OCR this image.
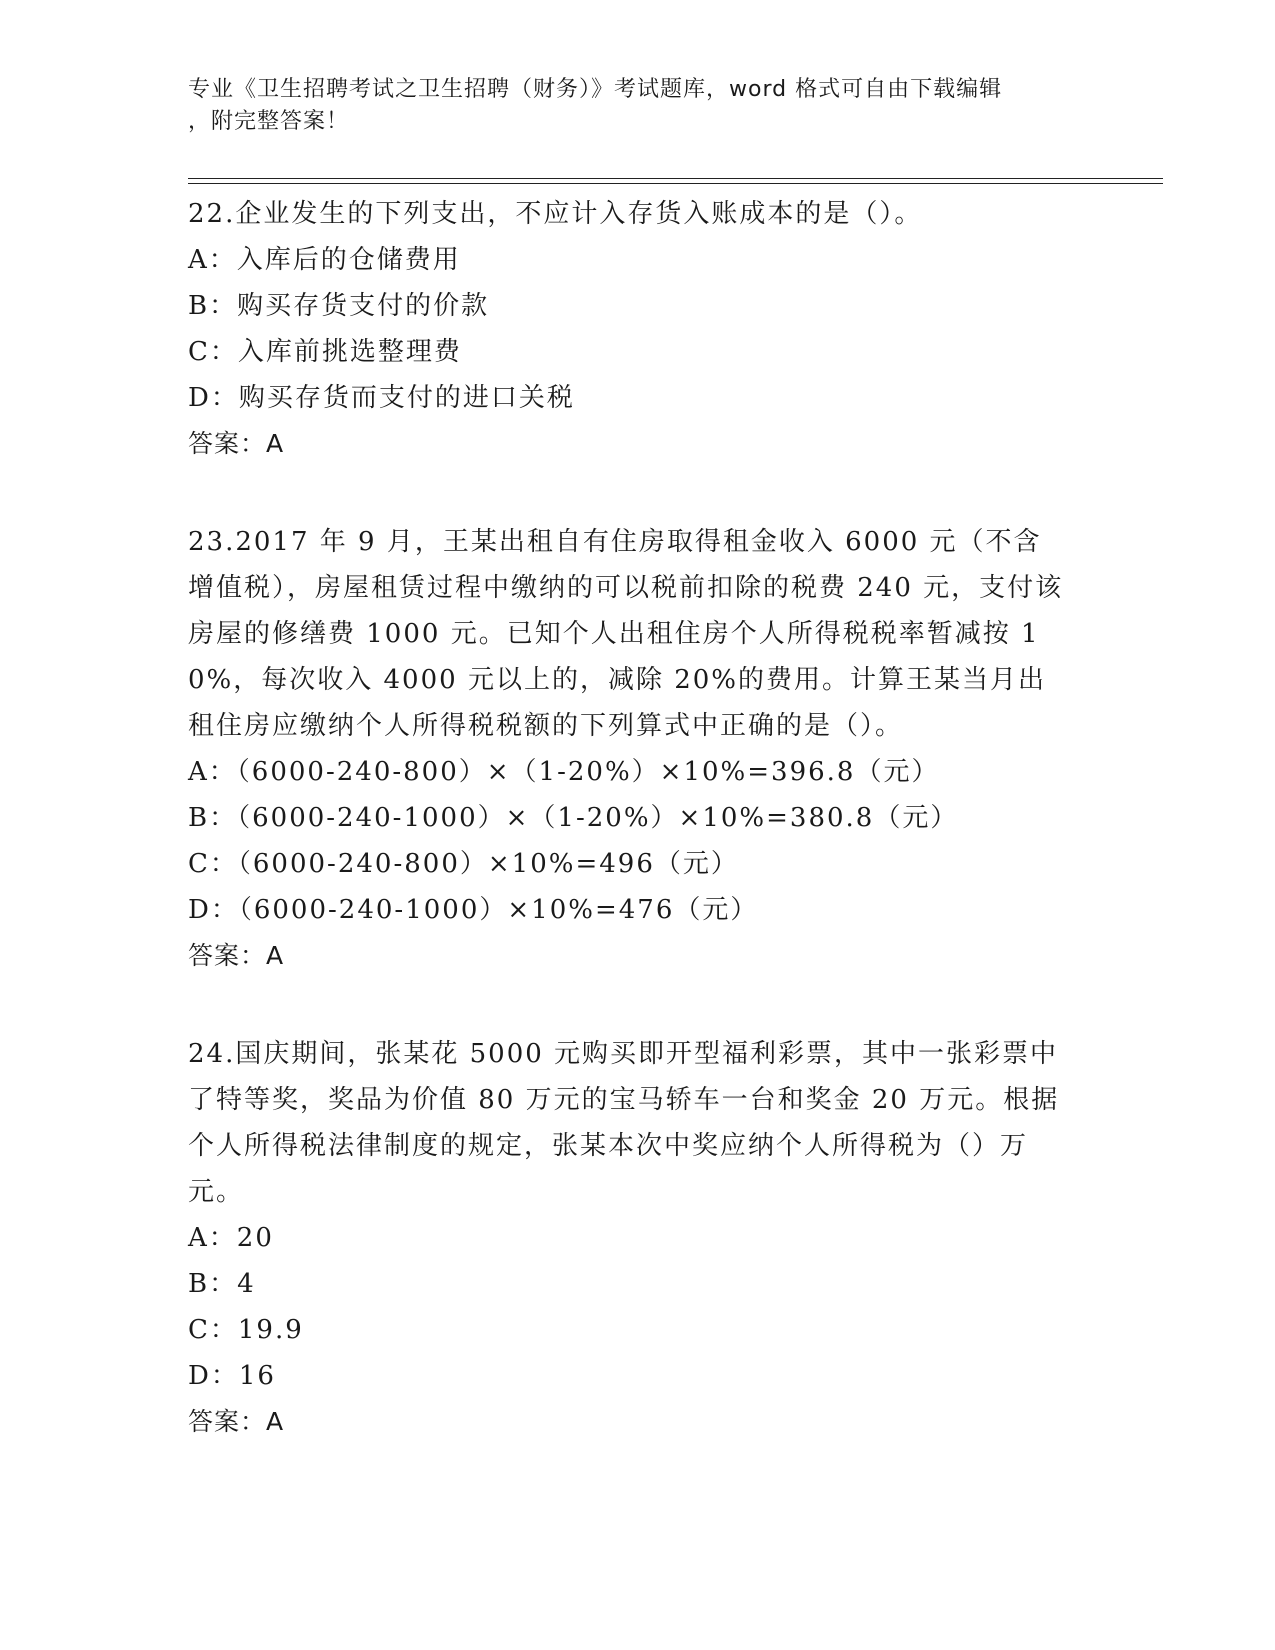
专业《卫生招聘考试之卫生招聘（财务）》考试题库，word 格式可自由下载编辑
，附完整答案！
22.企业发生的下列支出，不应计入存货入账成本的是（）。
A：入库后的仓储费用
B：购买存货支付的价款
C：入库前挑选整理费
D：购买存货而支付的进口关税
答案：A
23.2017 年 9 月，王某出租自有住房取得租金收入 6000 元（不含增值税），房屋租赁过程中缴纳的可以税前扣除的税费 240 元，支付该房屋的修缮费 1000 元。已知个人出租住房个人所得税税率暂减按 10%，每次收入 4000 元以上的，减除 20%的费用。计算王某当月出租住房应缴纳个人所得税税额的下列算式中正确的是（）。
A：（6000-240-800）×（1-20%）×10%=396.8（元）
B：（6000-240-1000）×（1-20%）×10%=380.8（元）
C：（6000-240-800）×10%=496（元）
D：（6000-240-1000）×10%=476（元）
答案：A
24.国庆期间，张某花 5000 元购买即开型福利彩票，其中一张彩票中了特等奖，奖品为价值 80 万元的宝马轿车一台和奖金 20 万元。根据个人所得税法律制度的规定，张某本次中奖应纳个人所得税为（）万元。
A：20
B：4
C：19.9
D：16
答案：A
